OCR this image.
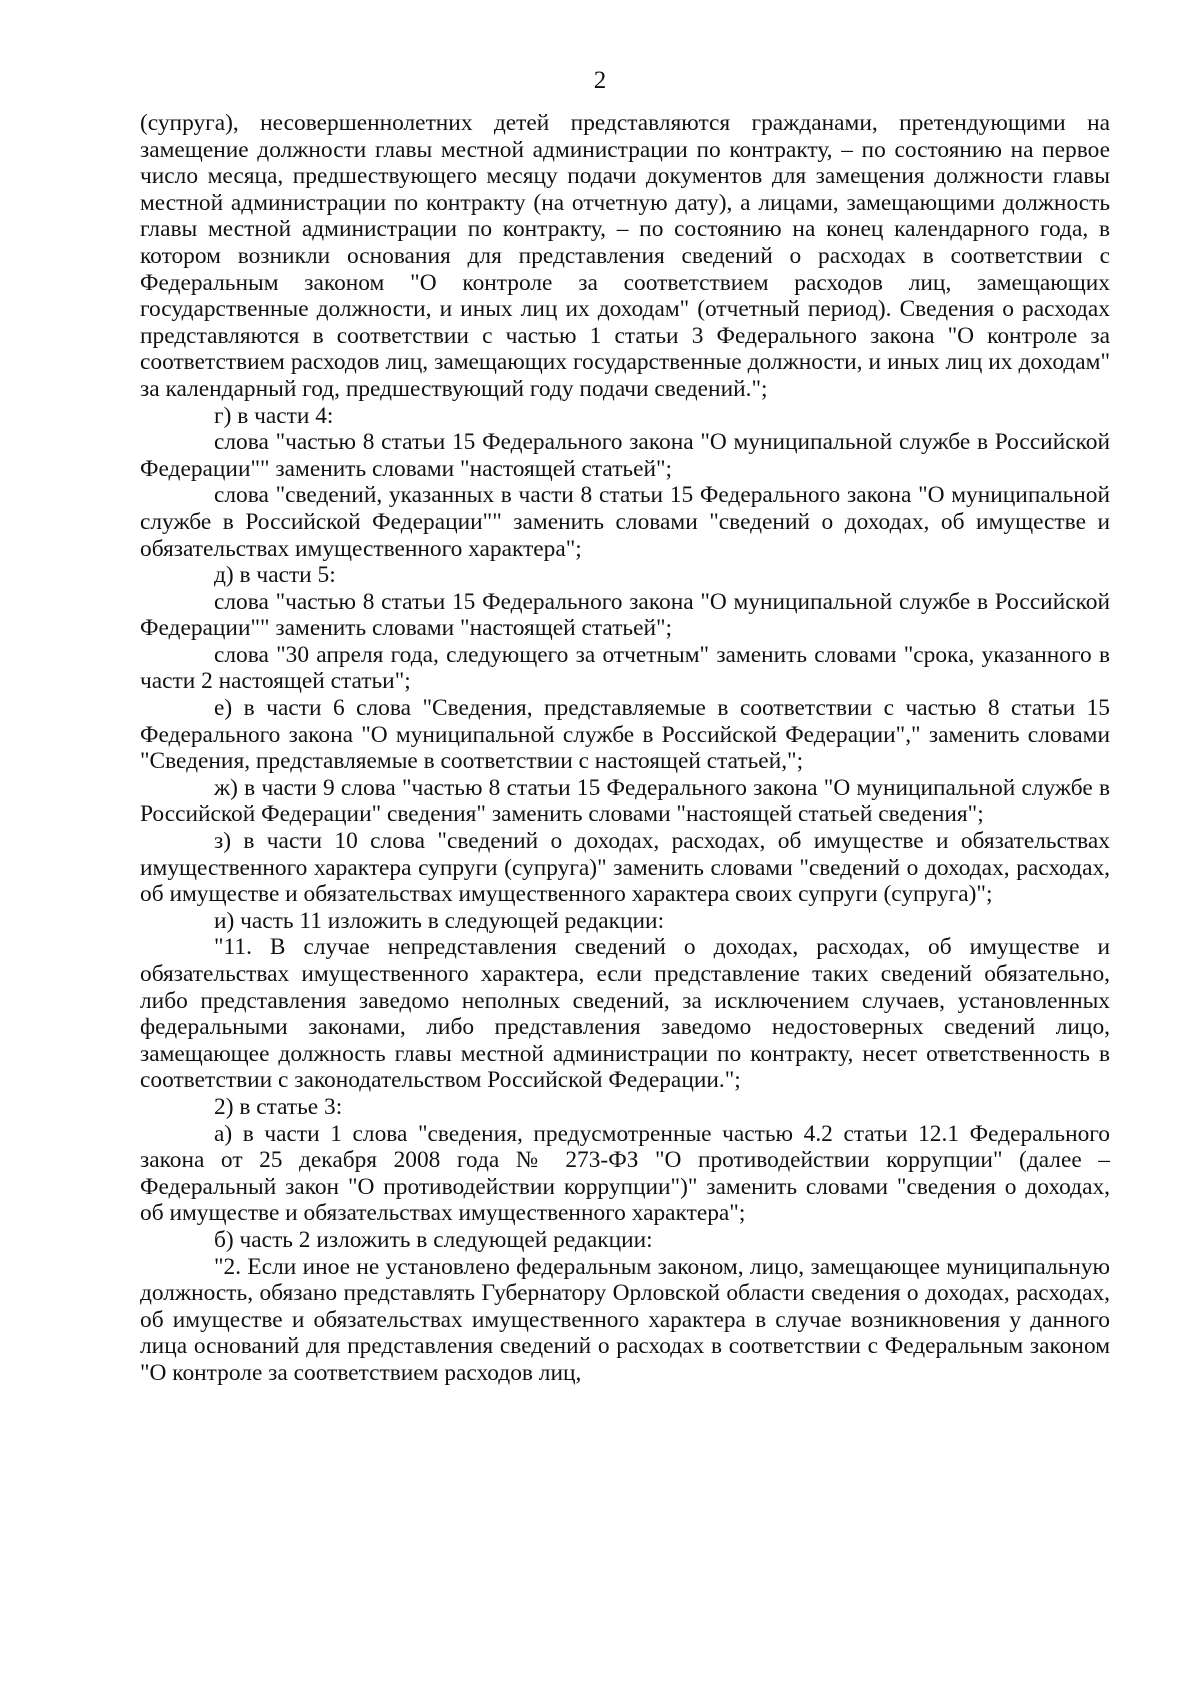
2

(супруга), несовершеннолетних детей представляются гражданами, претендующими на замещение должности главы местной администрации по контракту, – по состоянию на первое число месяца, предшествующего месяцу подачи документов для замещения должности главы местной администрации по контракту (на отчетную дату), а лицами, замещающими должность главы местной администрации по контракту, – по состоянию на конец календарного года, в котором возникли основания для представления сведений о расходах в соответствии с Федеральным законом "О контроле за соответствием расходов лиц, замещающих государственные должности, и иных лиц их доходам" (отчетный период). Сведения о расходах представляются в соответствии с частью 1 статьи 3 Федерального закона "О контроле за соответствием расходов лиц, замещающих государственные должности, и иных лиц их доходам" за календарный год, предшествующий году подачи сведений.";

г) в части 4:

слова "частью 8 статьи 15 Федерального закона "О муниципальной службе в Российской Федерации"" заменить словами "настоящей статьей";

слова "сведений, указанных в части 8 статьи 15 Федерального закона "О муниципальной службе в Российской Федерации"" заменить словами "сведений о доходах, об имуществе и обязательствах имущественного характера";

д) в части 5:

слова "частью 8 статьи 15 Федерального закона "О муниципальной службе в Российской Федерации"" заменить словами "настоящей статьей";

слова "30 апреля года, следующего за отчетным" заменить словами "срока, указанного в части 2 настоящей статьи";

е) в части 6 слова "Сведения, представляемые в соответствии с частью 8 статьи 15 Федерального закона "О муниципальной службе в Российской Федерации"," заменить словами "Сведения, представляемые в соответствии с настоящей статьей,";

ж) в части 9 слова "частью 8 статьи 15 Федерального закона "О муниципальной службе в Российской Федерации" сведения" заменить словами "настоящей статьей сведения";

з) в части 10 слова "сведений о доходах, расходах, об имуществе и обязательствах имущественного характера супруги (супруга)" заменить словами "сведений о доходах, расходах, об имуществе и обязательствах имущественного характера своих супруги (супруга)";

и) часть 11 изложить в следующей редакции:

"11. В случае непредставления сведений о доходах, расходах, об имуществе и обязательствах имущественного характера, если представление таких сведений обязательно, либо представления заведомо неполных сведений, за исключением случаев, установленных федеральными законами, либо представления заведомо недостоверных сведений лицо, замещающее должность главы местной администрации по контракту, несет ответственность в соответствии с законодательством Российской Федерации.";

2) в статье 3:

а) в части 1 слова "сведения, предусмотренные частью 4.2 статьи 12.1 Федерального закона от 25 декабря 2008 года № 273-ФЗ "О противодействии коррупции" (далее – Федеральный закон "О противодействии коррупции")" заменить словами "сведения о доходах, об имуществе и обязательствах имущественного характера";

б) часть 2 изложить в следующей редакции:

"2. Если иное не установлено федеральным законом, лицо, замещающее муниципальную должность, обязано представлять Губернатору Орловской области сведения о доходах, расходах, об имуществе и обязательствах имущественного характера в случае возникновения у данного лица оснований для представления сведений о расходах в соответствии с Федеральным законом "О контроле за соответствием расходов лиц,
